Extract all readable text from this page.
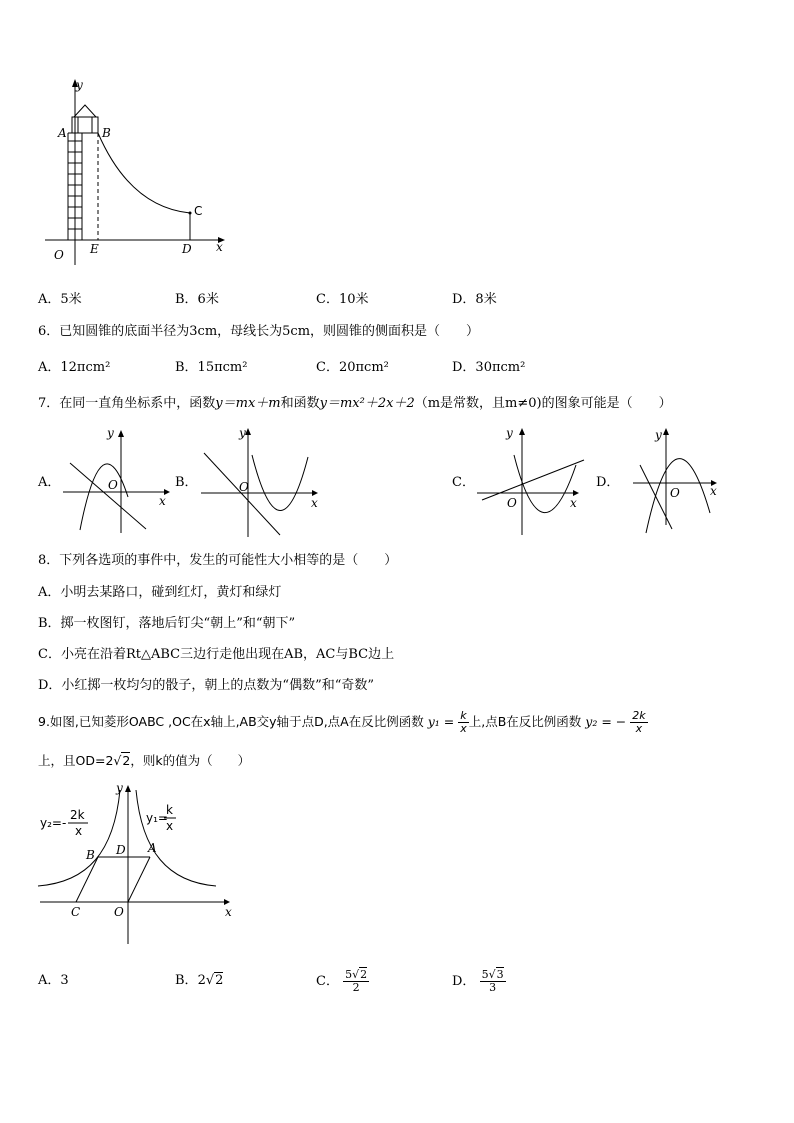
y
A	B
C
O E	D x
A．5米	B．6米	C．10米	D．8米
6．已知圆锥的底面半径为3cm，母线长为5cm，则圆锥的侧面积是（　　）
A．12πcm²	B．15πcm²	C．20πcm²	D．30πcm²
7．在同一直角坐标系中，函数y＝mx＋m和函数y＝mx²＋2x＋2（m是常数，且m≠0)的图象可能是（　　）
A．
y
O
x
B．
y
O
x
C．
y
O	x
D．
y
O	x
8．下列各选项的事件中，发生的可能性大小相等的是（　　）
A．小明去某路口，碰到红灯，黄灯和绿灯
B．掷一枚图钉，落地后钉尖“朝上”和“朝下”
C．小亮在沿着Rt△ABC三边行走他出现在AB，AC与BC边上
D．小红掷一枚均匀的骰子，朝上的点数为“偶数”和“奇数”
9.如图,已知菱形OABC ,OC在x轴上,AB交y轴于点D,点A在反比例函数 $y_1 = \frac{k}{x}$ 上,点B在反比例函数 y₂ = − $\frac{2k}{x}$
上，且OD=2√2，则k的值为（　　）
y
y₂=-
2k
x
y₁=
k
x
B D A
C	O	x
A．3	B．2√2	C． $\frac{5√2}{2}$	D． $\frac{5√3}{3}$
